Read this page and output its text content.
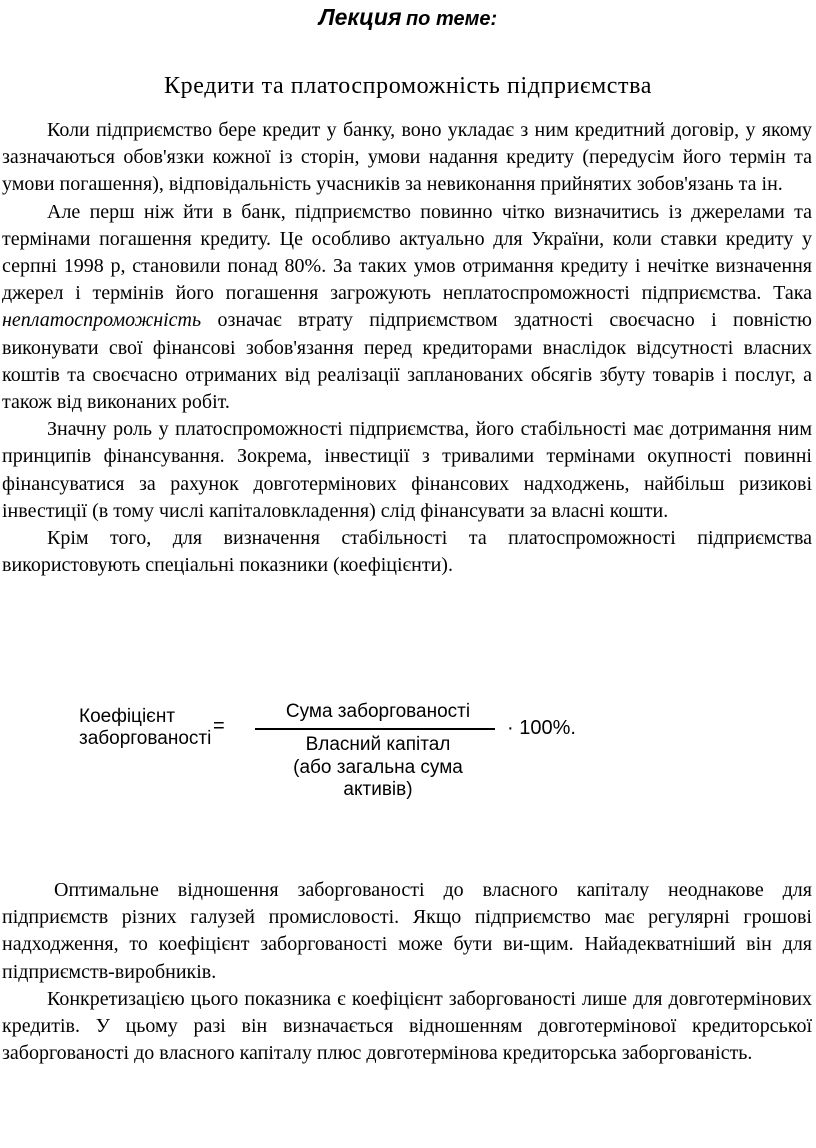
Лекция по теме:
Кредити та платоспроможність підприємства

Коли підприємство бере кредит у банку, воно укладає з ним кредитний договір, у якому зазначаються обов'язки кожної із сторін, умови надання кредиту (передусім його термін та умови погашення), відповідальність учасників за невиконання прийнятих зобов'язань та ін.

Але перш ніж йти в банк, підприємство повинно чітко визначитись із джерелами та термінами погашення кредиту. Це особливо актуально для України, коли ставки кредиту у серпні 1998 р, становили понад 80%. За таких умов отримання кредиту і нечітке визначення джерел і термінів його погашення загрожують неплатоспроможності підприємства. Така неплатоспроможність означає втрату підприємством здатності своєчасно і повністю виконувати свої фінансові зобов'язання перед кредиторами внаслідок відсутності власних коштів та своєчасно отриманих від реалізації запланованих обсягів збуту товарів і послуг, а також від виконаних робіт.

Значну роль у платоспроможності підприємства, його стабільності має дотримання ним принципів фінансування. Зокрема, інвестиції з тривалими термінами окупності повинні фінансуватися за рахунок довготермінових фінансових надходжень, найбільш ризикові інвестиції (в тому числі капіталовкладення) слід фінансувати за власні кошти.

Крім того, для визначення стабільності та платоспроможності підприємства використовують спеціальні показники (коефіцієнти).

Коефіцієнт
заборгованості
=
Сума заборгованості
Власний капітал
(або загальна сума активів)
· 100%.

Оптимальне відношення заборгованості до власного капіталу неоднакове для підприємств різних галузей промисловості. Якщо підприємство має регулярні грошові надходження, то коефіцієнт заборгованості може бути ви-щим. Найадекватніший він для підприємств-виробників.

Конкретизацією цього показника є коефіцієнт заборгованості лише для довготермінових кредитів. У цьому разі він визначається відношенням довготермінової кредиторської заборгованості до власного капіталу плюс довготермінова кредиторська заборгованість.
